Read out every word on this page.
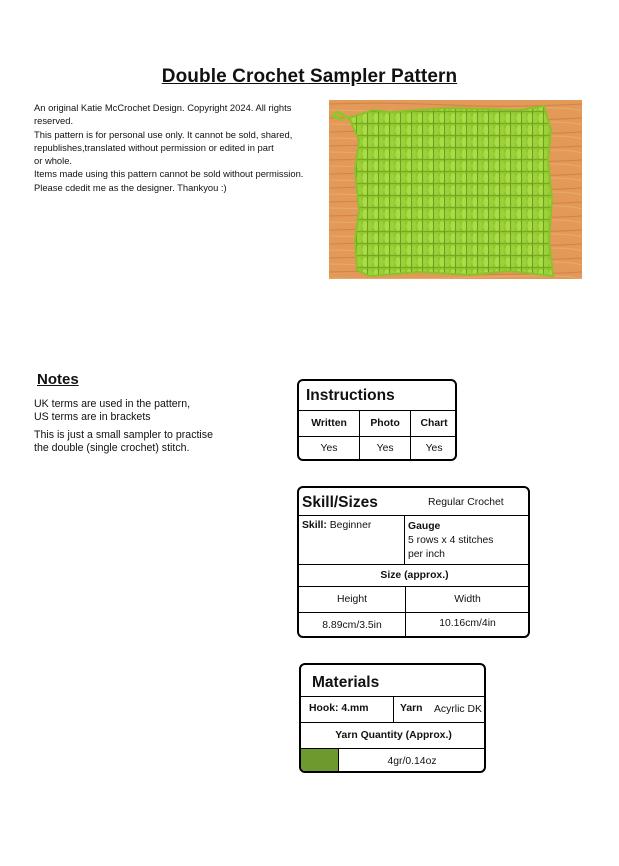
Double Crochet Sampler Pattern
An original Katie McCrochet Design. Copyright 2024. All rights
reserved.
This pattern is for personal use only. It cannot be sold, shared,
republishes,translated without permission or edited in part
or whole.
Items made using this pattern cannot be sold without permission.
Please cdedit me as the designer. Thankyou :)
Notes

UK terms are used in the pattern,
US terms are in brackets

This is just a small sampler to practise
the double (single crochet) stitch.

Instructions
Written	Photo	Chart
Yes	Yes	Yes
Skill/Sizes	Regular Crochet
Skill: Beginner	Gauge
5 rows x 4 stitches
per inch
Size (approx.)
Height	Width
8.89cm/3.5in	10.16cm/4in
Materials
Hook: 4.mm	Yarn Acyrlic DK
Yarn Quantity (Approx.)
4gr/0.14oz
